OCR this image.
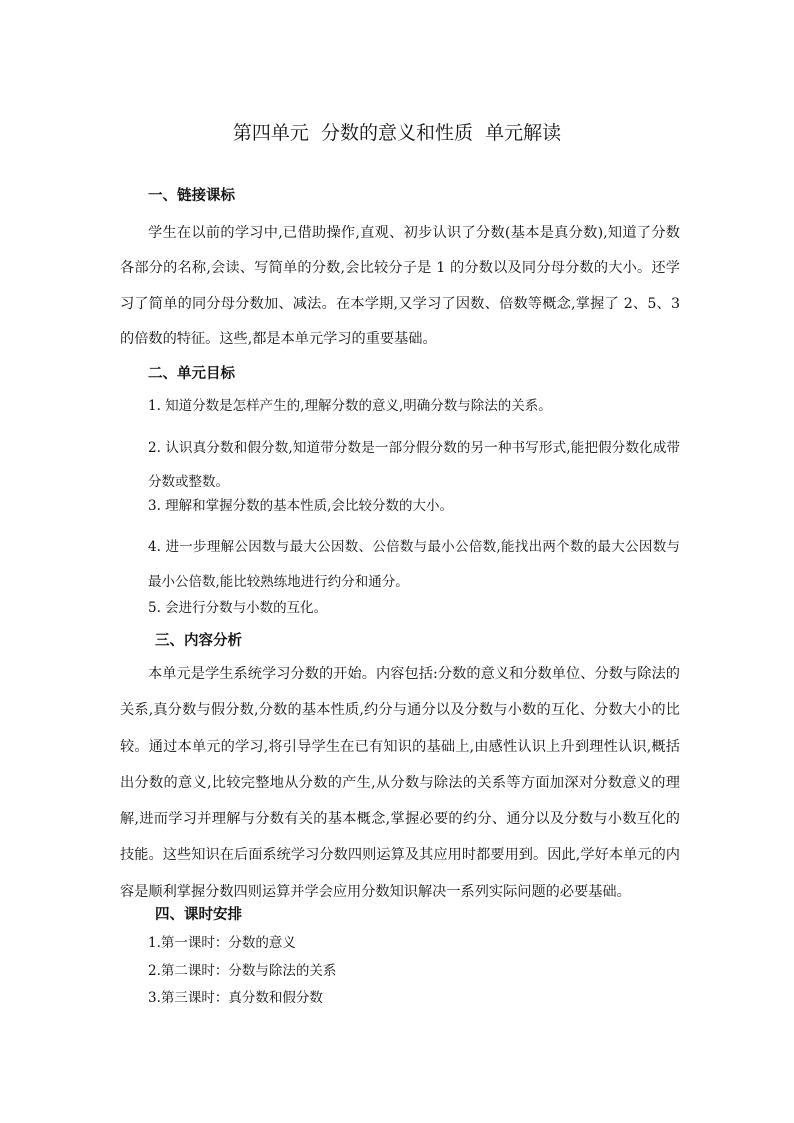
第四单元  分数的意义和性质  单元解读
一、链接课标

学生在以前的学习中,已借助操作,直观、初步认识了分数(基本是真分数),知道了分数各部分的名称,会读、写简单的分数,会比较分子是 1 的分数以及同分母分数的大小。还学习了简单的同分母分数加、减法。在本学期,又学习了因数、倍数等概念,掌握了 2、5、3 的倍数的特征。这些,都是本单元学习的重要基础。

二、单元目标

1. 知道分数是怎样产生的,理解分数的意义,明确分数与除法的关系。

2. 认识真分数和假分数,知道带分数是一部分假分数的另一种书写形式,能把假分数化成带分数或整数。

3. 理解和掌握分数的基本性质,会比较分数的大小。

4. 进一步理解公因数与最大公因数、公倍数与最小公倍数,能找出两个数的最大公因数与最小公倍数,能比较熟练地进行约分和通分。

5. 会进行分数与小数的互化。

三、内容分析

本单元是学生系统学习分数的开始。内容包括:分数的意义和分数单位、分数与除法的关系,真分数与假分数,分数的基本性质,约分与通分以及分数与小数的互化、分数大小的比较。通过本单元的学习,将引导学生在已有知识的基础上,由感性认识上升到理性认识,概括出分数的意义,比较完整地从分数的产生,从分数与除法的关系等方面加深对分数意义的理解,进而学习并理解与分数有关的基本概念,掌握必要的约分、通分以及分数与小数互化的技能。这些知识在后面系统学习分数四则运算及其应用时都要用到。因此,学好本单元的内容是顺利掌握分数四则运算并学会应用分数知识解决一系列实际问题的必要基础。

四、课时安排

1.第一课时：分数的意义

2.第二课时：分数与除法的关系

3.第三课时：真分数和假分数
